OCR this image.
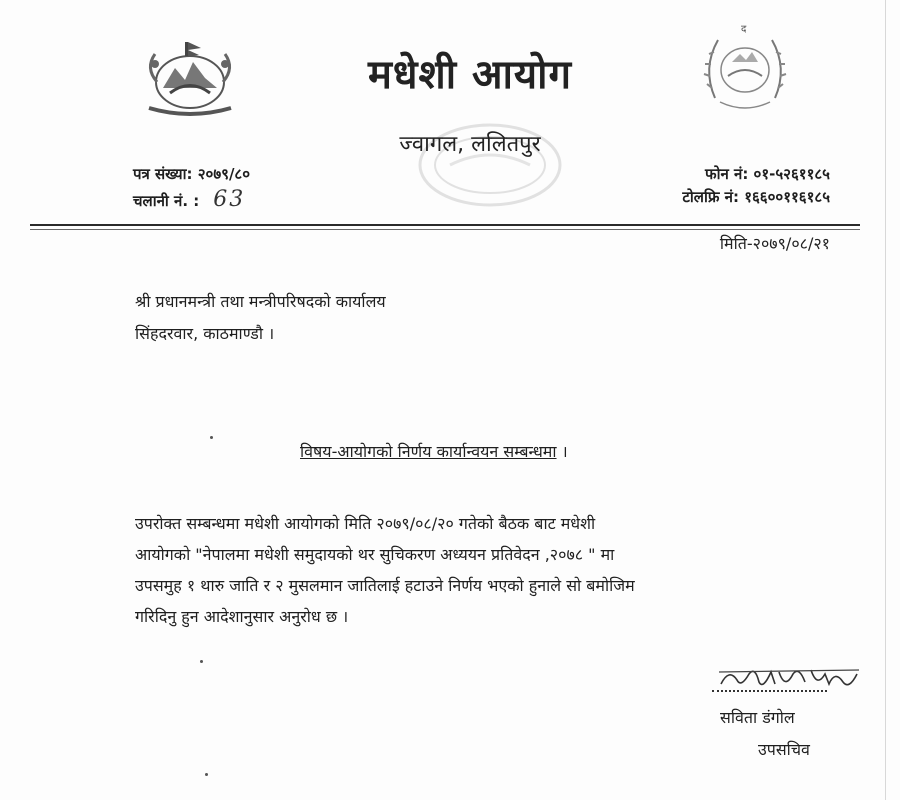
द
मधेशी आयोग
ज्वागल, ललितपुर
पत्र संख्या: २०७९/८०
चलानी नं. : 63
फोन नं: ०१-५२६११८५
टोलफ्रि नं: १६६००११६१८५
मिति-२०७९/०८/२१
श्री प्रधानमन्त्री तथा मन्त्रीपरिषदको कार्यालय
सिंहदरवार, काठमाण्डौ ।
विषय-आयोगको निर्णय कार्यान्वयन सम्बन्धमा ।
उपरोक्त सम्बन्धमा मधेशी आयोगको मिति २०७९/०८/२० गतेको बैठक बाट मधेशी
आयोगको "नेपालमा मधेशी समुदायको थर सुचिकरण अध्ययन प्रतिवेदन ,२०७८ " मा
उपसमुह १ थारु जाति र २ मुसलमान जातिलाई हटाउने निर्णय भएको हुनाले सो बमोजिम
गरिदिनु हुन आदेशानुसार अनुरोध छ ।
सविता डंगोल
उपसचिव
